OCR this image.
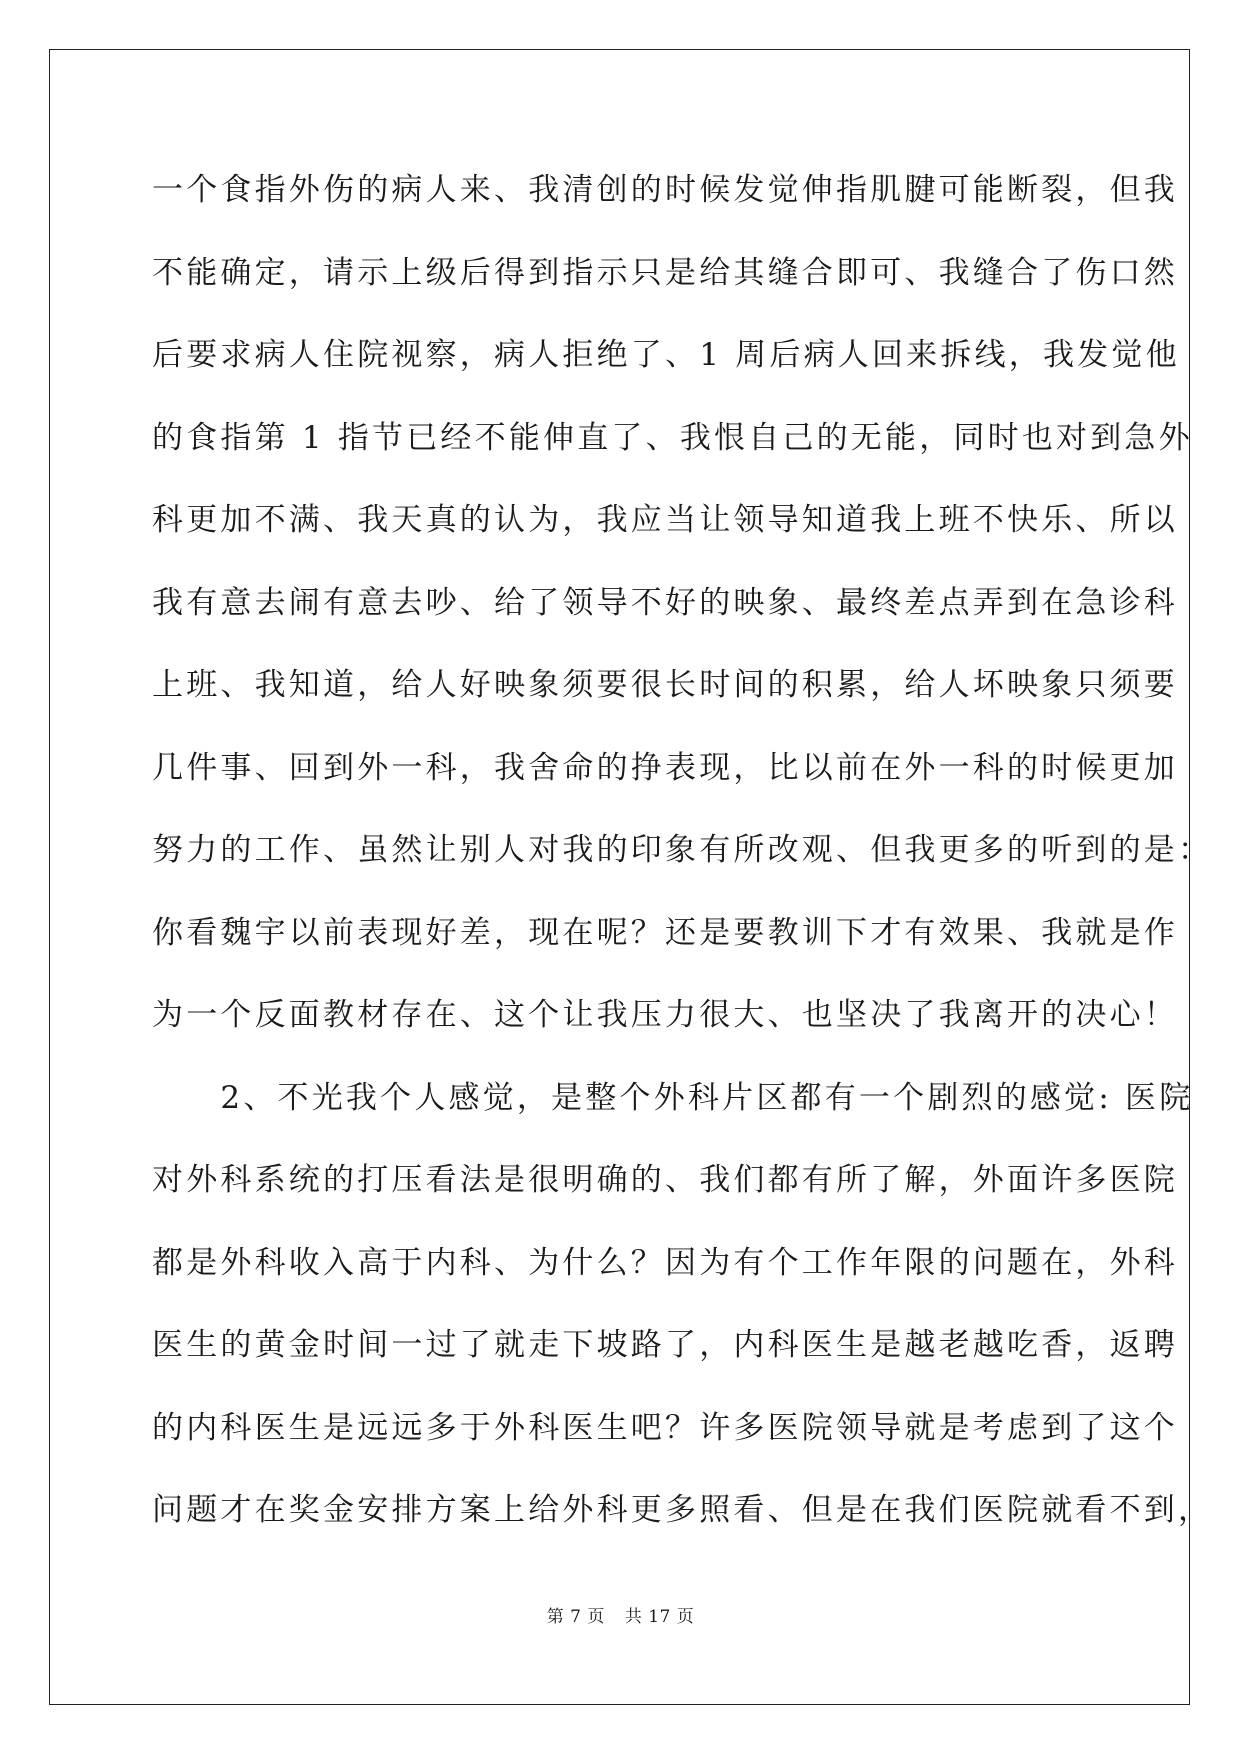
一个食指外伤的病人来、我清创的时候发觉伸指肌腱可能断裂，但我
不能确定，请示上级后得到指示只是给其缝合即可、我缝合了伤口然
后要求病人住院视察，病人拒绝了、1 周后病人回来拆线，我发觉他
的食指第 1 指节已经不能伸直了、我恨自己的无能，同时也对到急外
科更加不满、我天真的认为，我应当让领导知道我上班不快乐、所以
我有意去闹有意去吵、给了领导不好的映象、最终差点弄到在急诊科
上班、我知道，给人好映象须要很长时间的积累，给人坏映象只须要
几件事、回到外一科，我舍命的挣表现，比以前在外一科的时候更加
努力的工作、虽然让别人对我的印象有所改观、但我更多的听到的是：
你看魏宇以前表现好差，现在呢？还是要教训下才有效果、我就是作
为一个反面教材存在、这个让我压力很大、也坚决了我离开的决心！
　　2、不光我个人感觉，是整个外科片区都有一个剧烈的感觉: 医院
对外科系统的打压看法是很明确的、我们都有所了解，外面许多医院
都是外科收入高于内科、为什么？因为有个工作年限的问题在，外科
医生的黄金时间一过了就走下坡路了，内科医生是越老越吃香，返聘
的内科医生是远远多于外科医生吧？许多医院领导就是考虑到了这个
问题才在奖金安排方案上给外科更多照看、但是在我们医院就看不到，
第 7 页 共 17 页
